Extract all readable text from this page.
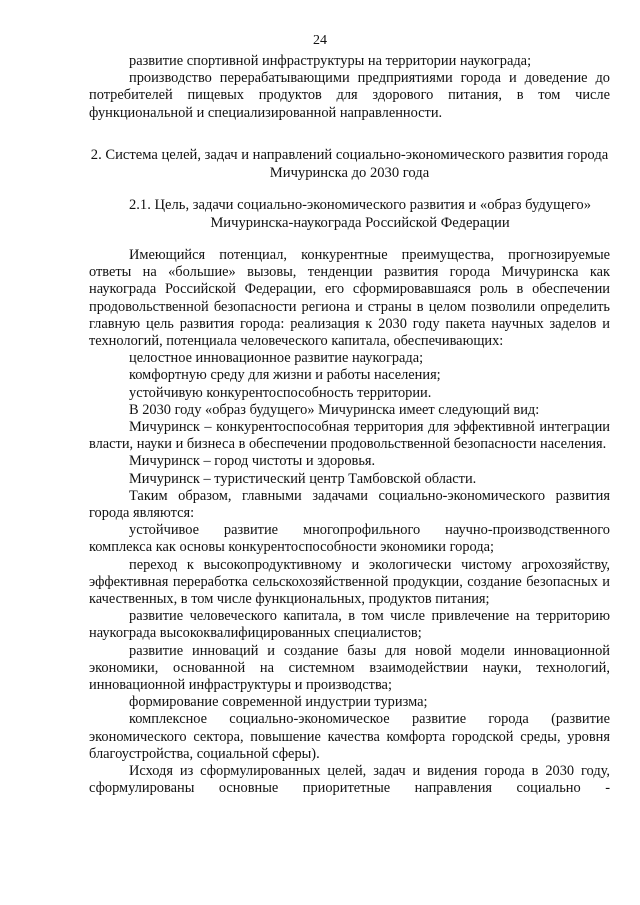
24

развитие спортивной инфраструктуры на территории наукограда;

производство перерабатывающими предприятиями города и доведение до потребителей пищевых продуктов для здорового питания, в том числе функциональной и специализированной направленности.

2. Система целей, задач и направлений социально-экономического развития города Мичуринска до 2030 года
2.1. Цель, задачи социально-экономического развития и «образ будущего» Мичуринска-наукограда Российской Федерации

Имеющийся потенциал, конкурентные преимущества, прогнозируемые ответы на «большие» вызовы, тенденции развития города Мичуринска как наукограда Российской Федерации, его сформировавшаяся роль в обеспечении продовольственной безопасности региона и страны в целом позволили определить главную цель развития города: реализация к 2030 году пакета научных заделов и технологий, потенциала человеческого капитала, обеспечивающих:

целостное инновационное развитие наукограда;

комфортную среду для жизни и работы населения;

устойчивую конкурентоспособность территории.

В 2030 году «образ будущего» Мичуринска имеет следующий вид:

Мичуринск – конкурентоспособная территория для эффективной интеграции власти, науки и бизнеса в обеспечении продовольственной безопасности населения.

Мичуринск – город чистоты и здоровья.

Мичуринск – туристический центр Тамбовской области.

Таким образом, главными задачами социально-экономического развития города являются:

устойчивое развитие многопрофильного научно-производственного комплекса как основы конкурентоспособности экономики города;

переход к высокопродуктивному и экологически чистому агрохозяйству, эффективная переработка сельскохозяйственной продукции, создание безопасных и качественных, в том числе функциональных, продуктов питания;

развитие человеческого капитала, в том числе привлечение на территорию наукограда высококвалифицированных специалистов;

развитие инноваций и создание базы для новой модели инновационной экономики, основанной на системном взаимодействии науки, технологий, инновационной инфраструктуры и производства;

формирование современной индустрии туризма;

комплексное социально-экономическое развитие города (развитие экономического сектора, повышение качества комфорта городской среды, уровня благоустройства, социальной сферы).

Исходя из сформулированных целей, задач и видения города в 2030 году,

сформулированы основные приоритетные направления социально -
